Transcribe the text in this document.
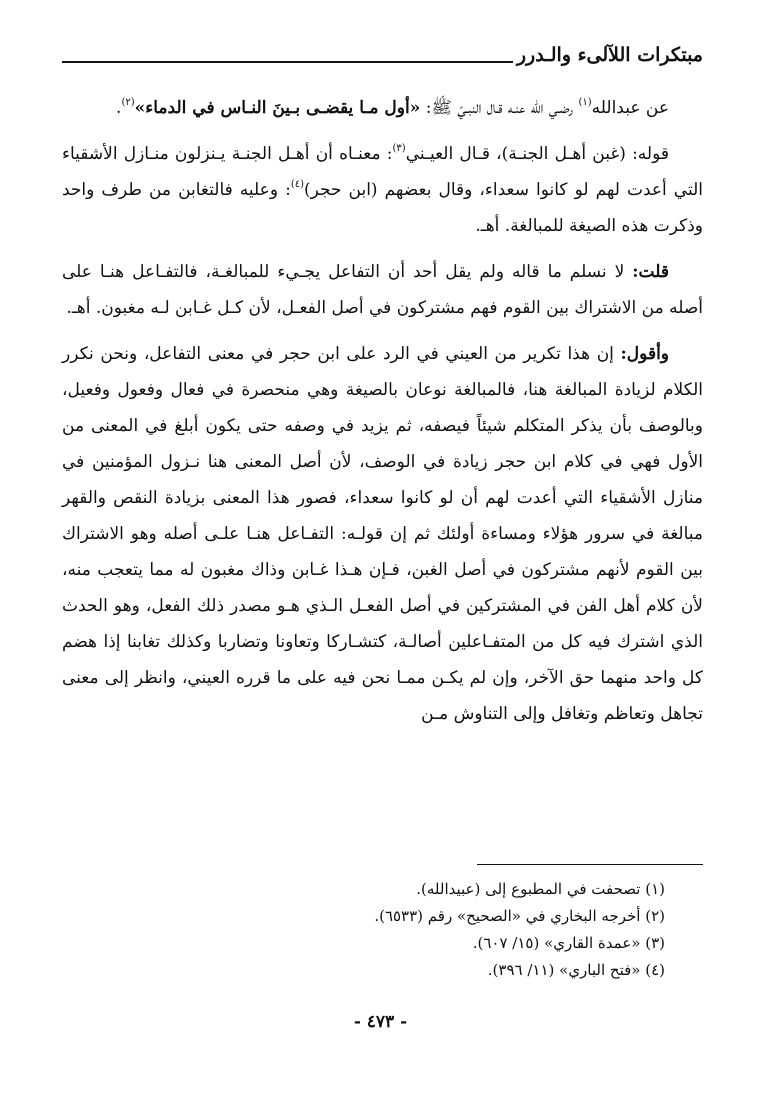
مبتكرات اللآلىء والـدرر

عن عبدالله$^{(١)}$ رضـي الله عنـه قـال النبـيّ ﷺ: «أول مـا يقضـى بـينَ النـاس في الدماء»$^{(٢)}$.

قوله: (غبن أهـل الجنـة)، قـال العيـني$^{(٣)}$: معنـاه أن أهـل الجنـة يـنزلون منـازل الأشقياء التي أعدت لهم لو كانوا سعداء، وقال بعضهم (ابن حجر)$^{(٤)}$: وعليه فالتغابن من طرف واحد وذكرت هذه الصيغة للمبالغة. أهـ.

قلت: لا نسلم ما قاله ولم يقل أحد أن التفاعل يجـيء للمبالغـة، فالتفـاعل هنـا على أصله من الاشتراك بين القوم فهم مشتركون في أصل الفعـل، لأن كـل غـابن لـه مغبون. أهـ.

وأقول: إن هذا تكرير من العيني في الرد على ابن حجر في معنى التفاعل، ونحن نكرر الكلام لزيادة المبالغة هنا، فالمبالغة نوعان بالصيغة وهي منحصرة في فعال وفعول وفعيل، وبالوصف بأن يذكر المتكلم شيئاً فيصفه، ثم يزيد في وصفه حتى يكون أبلغ في المعنى من الأول فهي في كلام ابن حجر زيادة في الوصف، لأن أصل المعنى هنا نـزول المؤمنين في منازل الأشقياء التي أعدت لهم أن لو كانوا سعداء، فصور هذا المعنى بزيادة النقص والقهر مبالغة في سرور هؤلاء ومساءة أولئك ثم إن قولـه: التفـاعل هنـا علـى أصله وهو الاشتراك بين القوم لأنهم مشتركون في أصل الغبن، فـإن هـذا غـابن وذاك مغبون له مما يتعجب منه، لأن كلام أهل الفن في المشتركين في أصل الفعـل الـذي هـو مصدر ذلك الفعل، وهو الحدث الذي اشترك فيه كل من المتفـاعلين أصالـة، كتشـاركا وتعاونا وتضاربا وكذلك تغابنا إذا هضم كل واحد منهما حق الآخر، وإن لم يكـن ممـا نحن فيه على ما قرره العيني، وانظر إلى معنى تجاهل وتعاظم وتغافل وإلى التناوش مـن

(١) تصحفت في المطبوع إلى (عبيدالله).
(٢) أخرجه البخاري في «الصحيح» رقم (٦٥٣٣).
(٣) «عمدة القاري» (١٥/ ٦٠٧).
(٤) «فتح الباري» (١١/ ٣٩٦).
- ٤٧٣ -
